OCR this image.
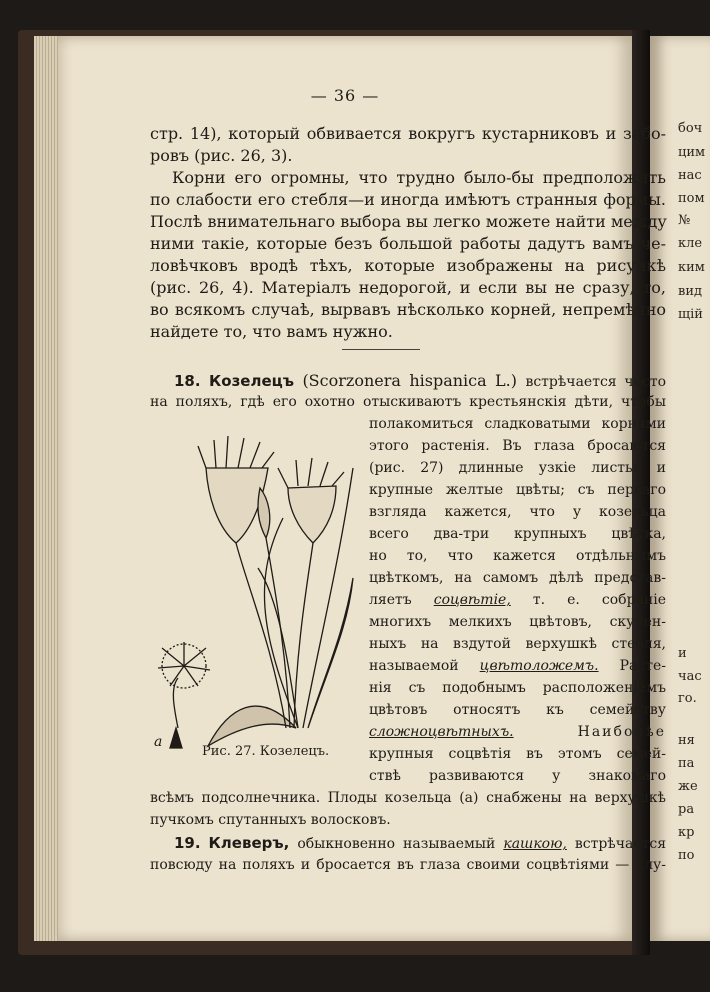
боч
цим
нас
пом
№
кле
ким
вид
щій
и
час
го.
ня
па
же
ра
кр
по
— 36 —
стр. 14), который обвивается вокругъ кустарниковъ и забо-
ровъ (рис. 26, 3).
Корни его огромны, что трудно было-бы предположить
по слабости его стебля—и иногда имѣютъ странныя формы.
Послѣ внимательнаго выбора вы легко можете найти между
ними такіе, которые безъ большой работы дадутъ вамъ че-
ловѣчковъ вродѣ тѣхъ, которые изображены на рисункѣ
(рис. 26, 4). Матеріалъ недорогой, и если вы не сразу, то,
во всякомъ случаѣ, вырвавъ нѣсколько корней, непремѣнно
найдете то, что вамъ нужно.
18. Козелецъ (Scorzonera hispanica L.) встрѣчается часто
на поляхъ, гдѣ его охотно отыскиваютъ крестьянскія дѣти, чтобы
полакомиться сладковатыми корнями
этого растенія. Въ глаза бросаются
(рис. 27) длинные узкіе листья и
крупные желтые цвѣты; съ перваго
взгляда кажется, что у козельца
всего два-три крупныхъ цвѣтка,
но то, что кажется отдѣльнымъ
цвѣткомъ, на самомъ дѣлѣ представ-
ляетъ соцвѣтіе, т. е. собраніе
многихъ мелкихъ цвѣтовъ, скучен-
ныхъ на вздутой верхушкѣ стебля,
называемой цвѣтоложемъ. Расте-
нія съ подобнымъ расположеніемъ
цвѣтовъ относятъ къ семейству
сложноцвѣтныхъ.	Наиболѣе
крупныя соцвѣтія въ этомъ семей-
ствѣ развиваются у знакомаго
всѣмъ подсолнечника. Плоды козельца (а) снабжены на верхушкѣ
пучкомъ спутанныхъ волосковъ.
19. Клеверъ, обыкновенно называемый кашкою, встрѣчается
повсюду на поляхъ и бросается въ глаза своими соцвѣтіями — клу-
a
Рис. 27. Козелецъ.
